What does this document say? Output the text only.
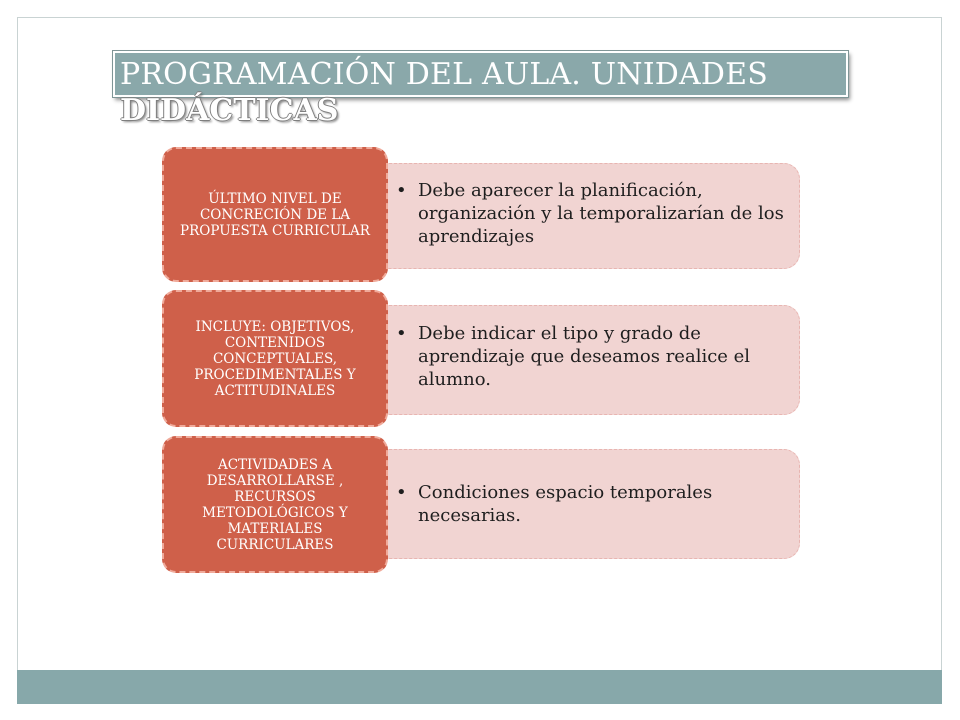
PROGRAMACIÓN DEL AULA. UNIDADES
DIDÁCTICAS
ÚLTIMO NIVEL DE CONCRECIÓN DE LA PROPUESTA CURRICULAR
• Debe aparecer la planificación, organización y la temporalizarían de los aprendizajes
INCLUYE: OBJETIVOS, CONTENIDOS CONCEPTUALES, PROCEDIMENTALES Y ACTITUDINALES
• Debe indicar el tipo y grado de aprendizaje que deseamos realice el alumno.
ACTIVIDADES A DESARROLLARSE , RECURSOS METODOLÓGICOS Y MATERIALES CURRICULARES
• Condiciones espacio temporales necesarias.
